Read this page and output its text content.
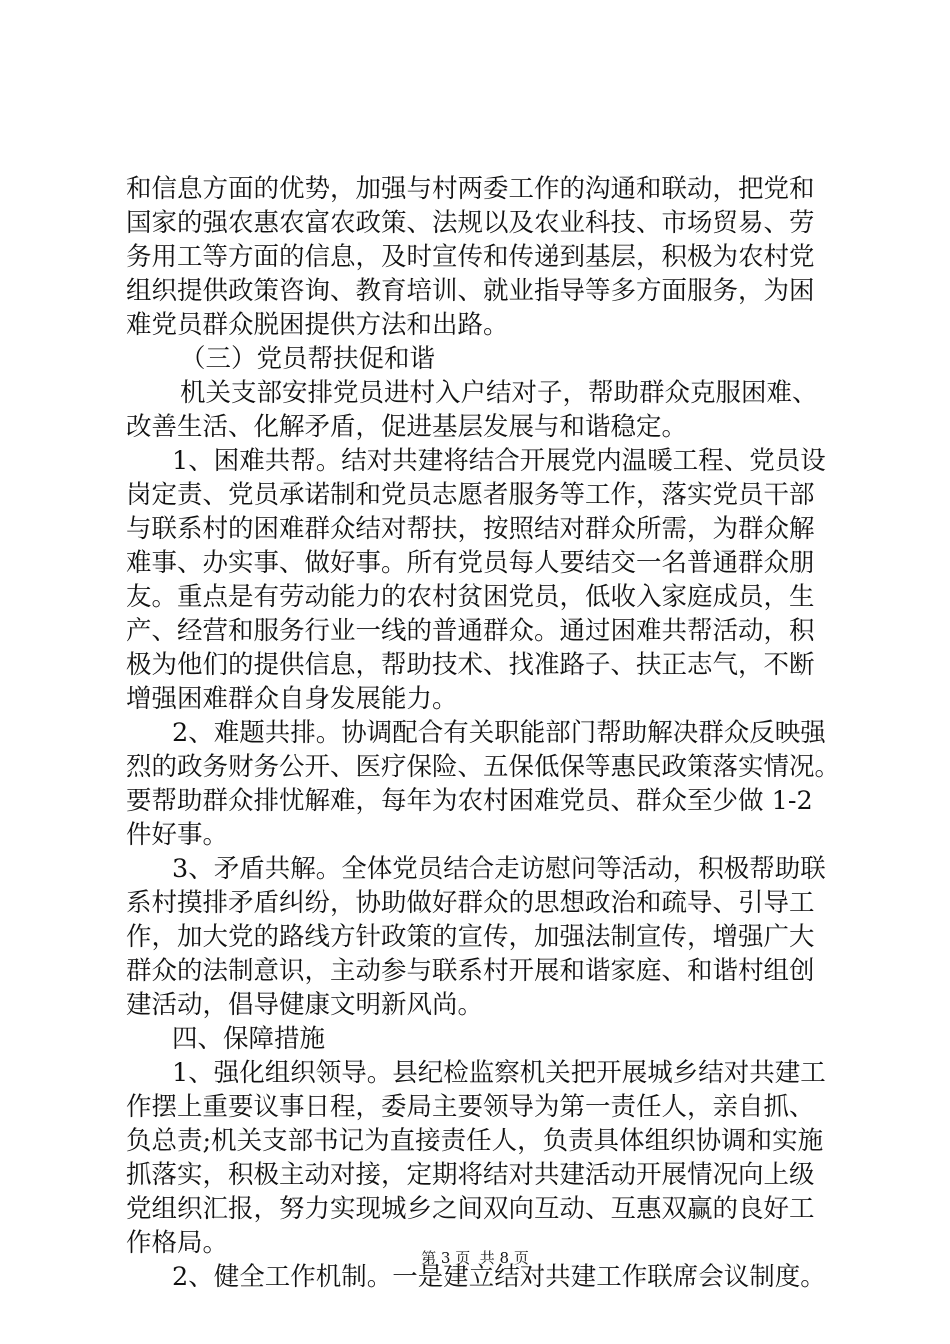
和信息方面的优势，加强与村两委工作的沟通和联动，把党和
国家的强农惠农富农政策、法规以及农业科技、市场贸易、劳
务用工等方面的信息，及时宣传和传递到基层，积极为农村党
组织提供政策咨询、教育培训、就业指导等多方面服务，为困
难党员群众脱困提供方法和出路。
（三）党员帮扶促和谐
机关支部安排党员进村入户结对子，帮助群众克服困难、
改善生活、化解矛盾，促进基层发展与和谐稳定。
1、困难共帮。结对共建将结合开展党内温暖工程、党员设
岗定责、党员承诺制和党员志愿者服务等工作，落实党员干部
与联系村的困难群众结对帮扶，按照结对群众所需，为群众解
难事、办实事、做好事。所有党员每人要结交一名普通群众朋
友。重点是有劳动能力的农村贫困党员，低收入家庭成员，生
产、经营和服务行业一线的普通群众。通过困难共帮活动，积
极为他们的提供信息，帮助技术、找准路子、扶正志气，不断
增强困难群众自身发展能力。
2、难题共排。协调配合有关职能部门帮助解决群众反映强
烈的政务财务公开、医疗保险、五保低保等惠民政策落实情况。
要帮助群众排忧解难，每年为农村困难党员、群众至少做 1-2
件好事。
3、矛盾共解。全体党员结合走访慰问等活动，积极帮助联
系村摸排矛盾纠纷，协助做好群众的思想政治和疏导、引导工
作，加大党的路线方针政策的宣传，加强法制宣传，增强广大
群众的法制意识，主动参与联系村开展和谐家庭、和谐村组创
建活动，倡导健康文明新风尚。
四、保障措施
1、强化组织领导。县纪检监察机关把开展城乡结对共建工
作摆上重要议事日程，委局主要领导为第一责任人，亲自抓、
负总责;机关支部书记为直接责任人，负责具体组织协调和实施
抓落实，积极主动对接，定期将结对共建活动开展情况向上级
党组织汇报，努力实现城乡之间双向互动、互惠双赢的良好工
作格局。
2、健全工作机制。一是建立结对共建工作联席会议制度。
第 3 页  共 8 页
